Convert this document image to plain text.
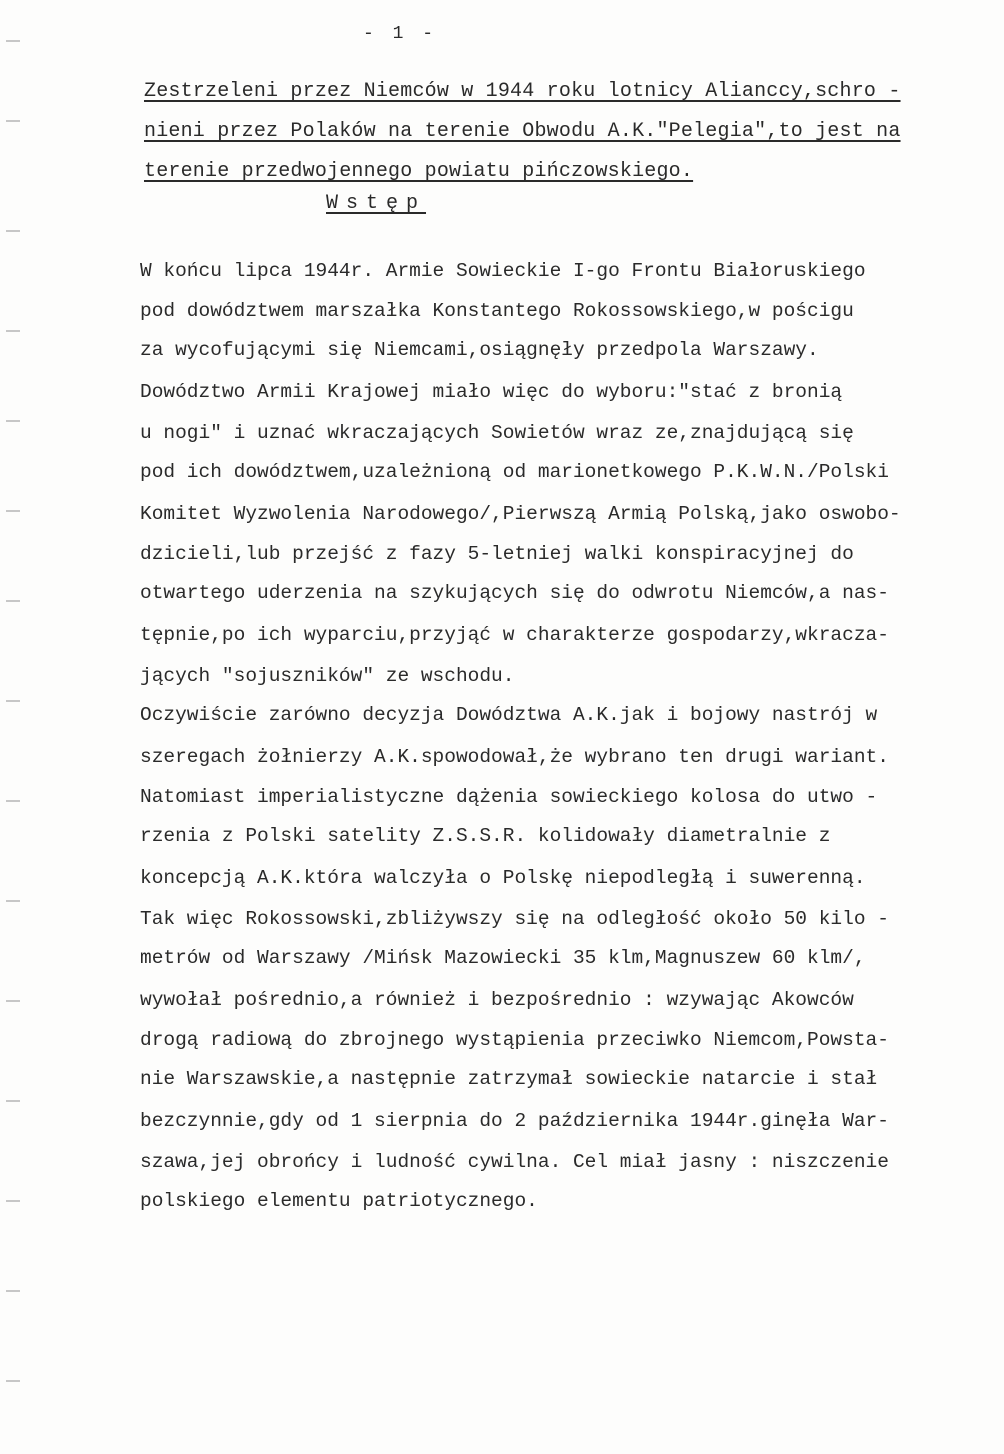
- 1 -
Zestrzeleni przez Niemców w 1944 roku lotnicy Alianccy,schro -
nieni przez Polaków na terenie Obwodu A.K."Pelegia",to jest na
terenie przedwojennego powiatu pińczowskiego.
Wstęp
W końcu lipca 1944r. Armie Sowieckie I-go Frontu Białoruskiego
pod dowództwem marszałka Konstantego Rokossowskiego,w pościgu
za wycofującymi się Niemcami,osiągnęły przedpola Warszawy.
Dowództwo Armii Krajowej miało więc do wyboru:"stać z bronią
u nogi" i uznać wkraczających Sowietów wraz ze,znajdującą się
pod ich dowództwem,uzależnioną od marionetkowego P.K.W.N./Polski
Komitet Wyzwolenia Narodowego/,Pierwszą Armią Polską,jako oswobo-
dzicieli,lub przejść z fazy 5-letniej walki konspiracyjnej do
otwartego uderzenia na szykujących się do odwrotu Niemców,a nas-
tępnie,po ich wyparciu,przyjąć w charakterze gospodarzy,wkracza-
jących "sojuszników" ze wschodu.
Oczywiście zarówno decyzja Dowództwa A.K.jak i bojowy nastrój w
szeregach żołnierzy A.K.spowodował,że wybrano ten drugi wariant.
Natomiast imperialistyczne dążenia sowieckiego kolosa do utwo -
rzenia z Polski satelity Z.S.S.R. kolidowały diametralnie z
koncepcją A.K.która walczyła o Polskę niepodległą i suwerenną.
Tak więc Rokossowski,zbliżywszy się na odległość około 50 kilo -
metrów od Warszawy /Mińsk Mazowiecki 35 klm,Magnuszew 60 klm/,
wywołał pośrednio,a również i bezpośrednio : wzywając Akowców
drogą radiową do zbrojnego wystąpienia przeciwko Niemcom,Powsta-
nie Warszawskie,a następnie zatrzymał sowieckie natarcie i stał
bezczynnie,gdy od 1 sierpnia do 2 października 1944r.ginęła War-
szawa,jej obrońcy i ludność cywilna. Cel miał jasny : niszczenie
polskiego elementu patriotycznego.
